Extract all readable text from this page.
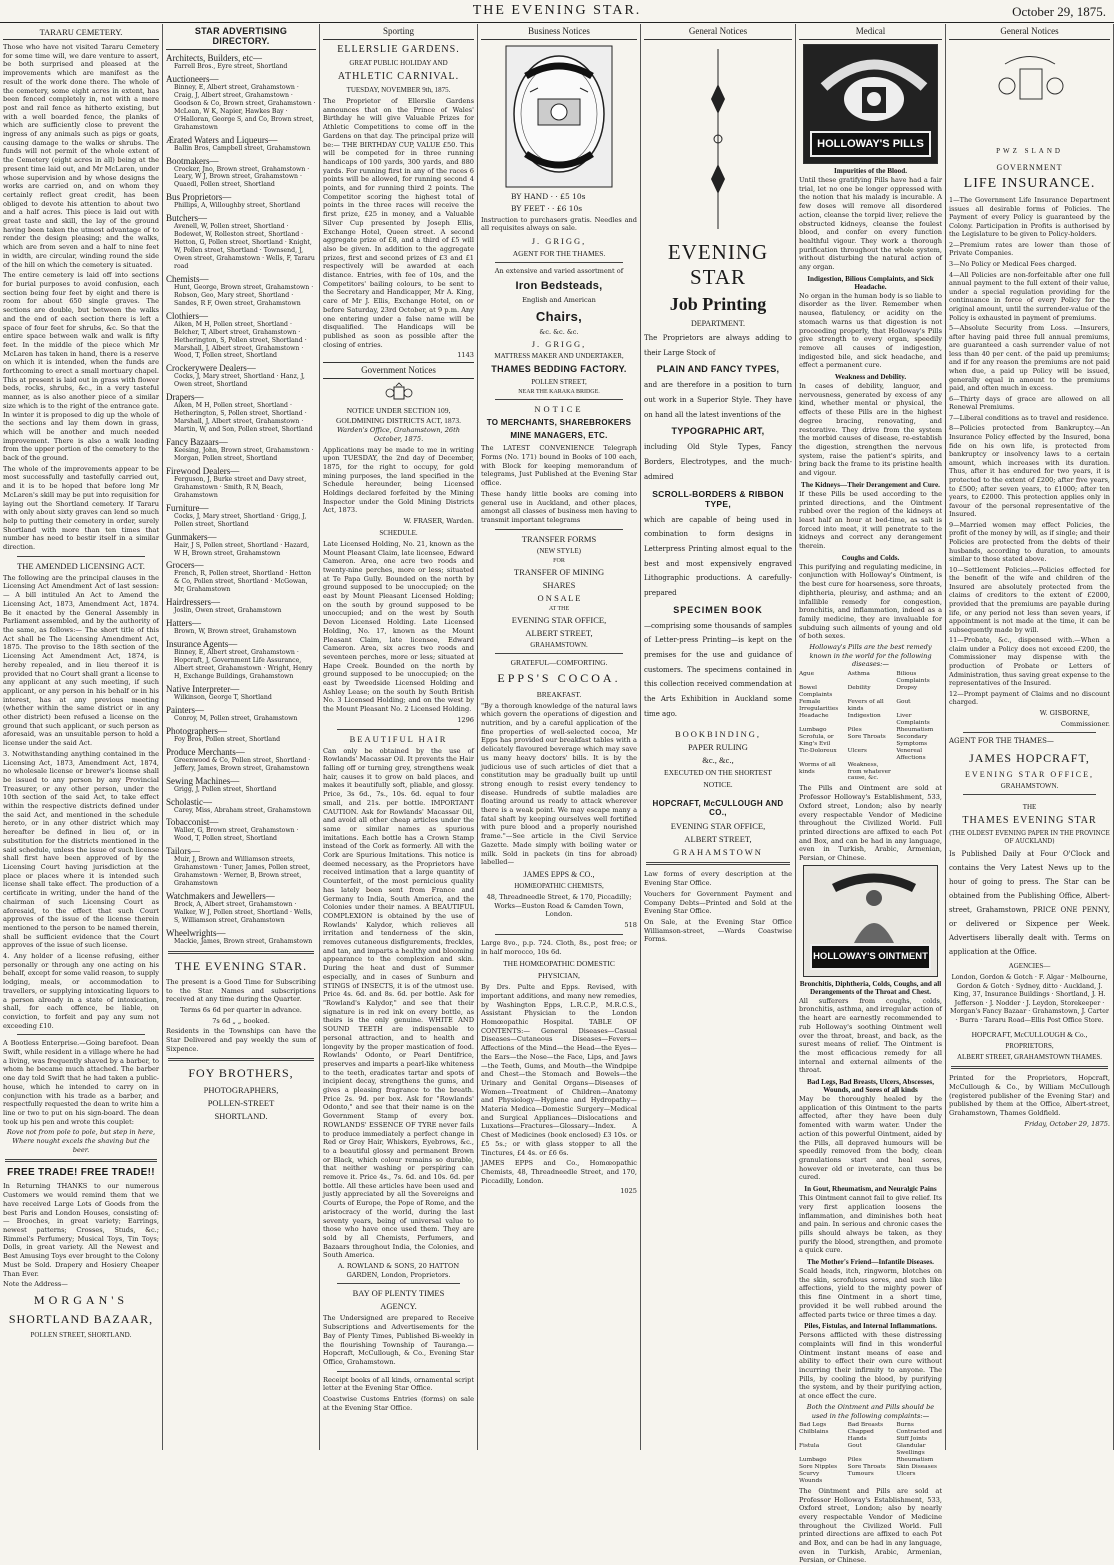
THE EVENING STAR.	October 29, 1875.
TARARU CEMETERY.

Those who have not visited Tararu Cemetery for some time will, we dare venture to assert, be both surprised and pleased at the improvements which are manifest as the result of the work done there. The whole of the cemetery, some eight acres in extent, has been fenced completely in, not with a mere post and rail fence as hitherto existing, but with a well boarded fence, the planks of which are sufficiently close to prevent the ingress of any animals such as pigs or goats, causing damage to the walks or shrubs. The funds will not permit of the whole extent of the Cemetery (eight acres in all) being at the present time laid out, and Mr McLaren, under whose supervision and by whose designs the works are carried on, and on whom they certainly reflect great credit, has been obliged to devote his attention to about two and a half acres. This piece is laid out with great taste and skill, the lay of the ground having been taken the utmost advantage of to render the design pleasing; and the walks, which are from seven and a half to nine feet in width, are circular, winding round the side of the hill on which the cemetery is situated.

The entire cemetery is laid off into sections for burial purposes to avoid confusion, each section being four feet by eight and there is room for about 650 single graves. The sections are double, but between the walks and the end of each section there is left a space of four feet for shrubs, &c. So that the entire space between walk and walk is fifty feet. In the middle of the piece which Mr McLaren has taken in hand, there is a reserve on which it is intended, when the funds are forthcoming to erect a small mortuary chapel. This at present is laid out in grass with flower beds, rocks, shrubs, &c., in a very tasteful manner, as is also another piece of a similar size which is to the right of the entrance gate. In winter it is proposed to dig up the whole of the sections and lay them down in grass, which will be another and much needed improvement. There is also a walk leading from the upper portion of the cemetery to the back of the ground.

The whole of the improvements appear to be most successfully and tastefully carried out, and it is to be hoped that before long Mr McLaren's skill may be put into requisition for laying out the Shortland cemetery. If Tararu with only about sixty graves can lend so much help to putting their cemetery in order, surely Shortland with more than ten times that number has need to bestir itself in a similar direction.

THE AMENDED LICENSING ACT.

The following are the principal clauses in the Licensing Act Amendment Act of last session:— A bill intituled An Act to Amend the Licensing Act, 1873, Amendment Act, 1874. Be it enacted by the General Assembly in Parliament assembled, and by the authority of the same, as follows:— The short title of this Act shall be The Licensing Amendment Act, 1875. The proviso to the 18th section of the Licensing Act Amendment Act, 1874, is hereby repealed, and in lieu thereof it is provided that no Court shall grant a license to any applicant at any such meeting, if such applicant, or any person in his behalf or in his interest, has at any previous meeting (whether within the same district or in any other district) been refused a license on the ground that such applicant, or such person as aforesaid, was an unsuitable person to hold a license under the said Act.

3. Notwithstanding anything contained in the Licensing Act, 1873, Amendment Act, 1874, no wholesale license or brewer's license shall be issued to any person by any Provincial Treasurer, or any other person, under the 10th section of the said Act, to take effect within the respective districts defined under the said Act, and mentioned in the schedule hereto, or in any other district which may hereafter be defined in lieu of, or in substitution for the districts mentioned in the said schedule, unless the issue of such license shall first have been approved of by the Licensing Court having jurisdiction at the place or places where it is intended such license shall take effect. The production of a certificate in writing, under the hand of the chairman of such Licensing Court as aforesaid, to the effect that such Court approves of the issue of the license therein mentioned to the person to be named therein, shall be sufficient evidence that the Court approves of the issue of such license.

4. Any holder of a license refusing, either personally or through any one acting on his behalf, except for some valid reason, to supply lodging, meals, or accommodation to travellers, or supplying intoxicating liquors to a person already in a state of intoxication, shall, for each offence, be liable, on conviction, to forfeit and pay any sum not exceeding £10.

A Bootless Enterprise.—Going barefoot. Dean Swift, while resident in a village where he had a living, was frequently shaved by a barber, to whom he became much attached. The barber one day told Swift that he had taken a public-house, which he intended to carry on in conjunction with his trade as a barber, and respectfully requested the dean to write him a line or two to put on his sign-board. The dean took up his pen and wrote this couplet:

Rove not from pole to pole, but step in here, Where nought excels the shaving but the beer.

FREE TRADE! FREE TRADE!!

In Returning THANKS to our numerous Customers we would remind them that we have received Large Lots of Goods from the best Paris and London Houses, consisting of:— Brooches, in great variety; Earrings, newest patterns; Crosses, Studs, &c.; Rimmel's Perfumery; Musical Toys, Tin Toys; Dolls, in great variety. All the Newest and Best Amusing Toys ever brought to the Colony Must be Sold. Drapery and Hosiery Cheaper Than Ever.

Note the Address—

MORGAN'S
SHORTLAND BAZAAR,
POLLEN STREET, SHORTLAND.
STAR ADVERTISING DIRECTORY.
Architects, Builders, etc—
Farrell Bros., Eyre street, Shortland
Auctioneers—
Binney, E, Albert street, Grahamstown · Craig, J, Albert street, Grahamstown · Goodson & Co, Brown street, Grahamstown · McLean, W K, Napier, Hawkes Bay · O'Halloran, George S, and Co, Brown street, Grahamstown
Ærated Waters and Liqueurs—
Ballin Bros, Campbell street, Grahamstown
Bootmakers—
Crocker, Jno, Brown street, Grahamstown · Leary, W J, Brown street, Grahamstown · Quaedl, Pollen street, Shortland
Bus Proprietors—
Phillips, A, Willoughby street, Shortland
Butchers—
Avenell, W, Pollen street, Shortland · Bodewet, W, Rolleston street, Shortland · Hetton, G, Pollen street, Shortland · Knight, W, Pollen street, Shortland · Townsend, J, Owen street, Grahamstown · Wells, F, Tararu road
Chemists—
Hunt, George, Brown street, Grahamstown · Robson, Geo, Mary street, Shortland · Sandes, R F, Owen street, Grahamstown
Clothiers—
Aiken, M H, Pollen street, Shortland · Belcher, T, Albert street, Grahamstown · Hetherington, S, Pollen street, Shortland · Marshall, J, Albert street, Grahamstown · Wood, T, Pollen street, Shortland
Crockerywere Dealers—
Cocks, J, Mary street, Shortland · Hanz, J, Owen street, Shortland
Drapers—
Aiken, M H, Pollen street, Shortland · Hetherington, S, Pollen street, Shortland · Marshall, J, Albert street, Grahamstown · Martin, W, and Son, Pollen street, Shortland
Fancy Bazaars—
Keesing, John, Brown street, Grahamstown · Morgan, Pollen street, Shortland
Firewood Dealers—
Ferguson, J, Burke street and Davy street, Grahamstown · Smith, R N, Beach, Grahamstown
Furniture—
Cocks, J, Mary street, Shortland · Grigg, J, Pollen street, Shortland
Gunmakers—
Hair, J S, Pollen street, Shortland · Hazard, W H, Brown street, Grahamstown
Grocers—
French, R, Pollen street, Shortland · Hetton & Co, Pollen street, Shortland · McGowan, Mr, Grahamstown
Hairdressers—
Joslin, Owen street, Grahamstown
Hatters—
Brown, W, Brown street, Grahamstown
Insurance Agents—
Binney, E, Albert street, Grahamstown · Hopcraft, J, Government Life Assurance, Albert street, Grahamstown · Wright, Henry H, Exchange Buildings, Grahamstown
Native Interpreter—
Wilkinson, George T, Shortland
Painters—
Conroy, M, Pollen street, Grahamstown
Photographers—
Foy Bros, Pollen street, Shortland
Produce Merchants—
Greenwood & Co, Pollen street, Shortland · Jeffery, James, Brown street, Grahamstown
Sewing Machines—
Grigg, J, Pollen street, Shortland
Scholastic—
Carey, Miss, Abraham street, Grahamstown
Tobacconist—
Waller, G, Brown street, Grahamstown · Wood, T, Pollen street, Shortland
Tailors—
Muir, J, Brown and Williamson streets, Grahamstown · Tuner, James, Pollen street, Grahamstown · Werner, B, Brown street, Grahamstown
Watchmakers and Jewellers—
Brock, A, Albert street, Grahamstown · Walker, W J, Pollen street, Shortland · Wells, S, Williamson street, Grahamstown
Wheelwrights—
Mackie, James, Brown street, Grahamstown
THE EVENING STAR.

The present is a Good Time for Subscribing to the Star. Names and subscriptions received at any time during the Quarter.

Terms 6s 6d per quarter in advance.

7s 6d „ „ booked.

Residents in the Townships can have the Star Delivered and pay weekly the sum of Sixpence.

FOY BROTHERS,
PHOTOGRAPHERS,
POLLEN-STREET
SHORTLAND.
Sporting
ELLERSLIE GARDENS.
GREAT PUBLIC HOLIDAY AND
ATHLETIC CARNIVAL.
TUESDAY, NOVEMBER 9th, 1875.

The Proprietor of Ellerslie Gardens announces that on the Prince of Wales' Birthday he will give Valuable Prizes for Athletic Competitions to come off in the Gardens on that day. The principal prize will be:— THE BIRTHDAY CUP, VALUE £50. This will be competed for in three running handicaps of 100 yards, 300 yards, and 880 yards. For running first in any of the races 6 points will be allowed, for running second 4 points, and for running third 2 points. The Competitor scoring the highest total of points in the three races will receive the first prize, £25 in money, and a Valuable Silver Cup presented by Joseph Ellis, Exchange Hotel, Queen street. A second aggregate prize of £8, and a third of £5 will also be given. In addition to the aggregate prizes, first and second prizes of £3 and £1 respectively will be awarded at each distance. Entries, with fee of 10s, and the Competitors' bailing colours, to be sent to the Secretary and Handicapper, Mr A. King, care of Mr J. Ellis, Exchange Hotel, on or before Saturday, 23rd October, at 9 p.m. Any one entering under a false name will be disqualified. The Handicaps will be published as soon as possible after the closing of entries.

1143

Government Notices
NOTICE UNDER SECTION 109,
GOLDMINING DISTRICTS ACT, 1873.

Warden's Office, Grahamstown, 26th October, 1875.

Applications may be made to me in writing upon TUESDAY, the 2nd day of December, 1875, for the right to occupy, for gold mining purposes, the land specified in the Schedule hereunder, being Licensed Holdings declared forfeited by the Mining Inspector under the Gold Mining Districts Act, 1873.

W. FRASER, Warden.

SCHEDULE.

Late Licensed Holding, No. 21, known as the Mount Pleasant Claim, late licensee, Edward Cameron. Area, one acre two roods and twenty-nine perches, more or less; situated at Te Papa Gully. Bounded on the north by ground supposed to be unoccupied; on the east by Mount Pleasant Licensed Holding; on the south by ground supposed to be unoccupied; and on the west by South Devon Licensed Holding. Late Licensed Holding, No. 17, known as the Mount Pleasant Claim, late licensee, Edward Cameron. Area, six acres two roods and seventeen perches, more or less; situated at Hape Creek. Bounded on the north by ground supposed to be unoccupied; on the east by Tweedside Licensed Holding and Ashley Lease; on the south by South British No. 3 Licensed Holding; and on the west by the Mount Pleasant No. 2 Licensed Holding.

1296

BEAUTIFUL HAIR

Can only be obtained by the use of Rowlands' Macassar Oil. It prevents the Hair falling off or turning grey, strengthens weak hair, causes it to grow on bald places, and makes it beautifully soft, pliable, and glossy. Price, 3s 6d., 7s., 10s. 6d. equal to four small, and 21s. per bottle. IMPORTANT CAUTION. Ask for Rowlands' Macassar Oil, and avoid all other cheap articles under the same or similar names as spurious imitations. Each bottle has a Crown Stamp instead of the Cork as formerly. All with the Cork are Spurious Imitations. This notice is deemed necessary, as the Proprietors have received intimation that a large quantity of Counterfeit, of the most pernicious quality has lately been sent from France and Germany to India, South America, and the Colonies under their names. A BEAUTIFUL COMPLEXION is obtained by the use of Rowlands' Kalydor, which relieves all irritation and tenderness of the skin, removes cutaneous disfigurements, freckles, and tan, and imparts a healthy and blooming appearance to the complexion and skin. During the heat and dust of Summer especially, and in cases of Sunburn and STINGS of INSECTS, it is of the utmost use. Price 4s. 6d. and 8s. 6d. per bottle. Ask for "Rowland's Kalydor," and see that their signature is in red ink on every bottle, as theirs is the only genuine. WHITE AND SOUND TEETH are indispensable to personal attraction, and to health and longevity by the proper mastication of food. Rowlands' Odonto, or Pearl Dentifrice, preserves and imparts a pearl-like whiteness to the teeth, eradicates tartar and spots of incipient decay, strengthens the gums, and gives a pleasing fragrance to the breath. Price 2s. 9d. per box. Ask for "Rowlands' Odonto," and see that their name is on the Government Stamp of every box. ROWLANDS' ESSENCE OF TYRE never fails to produce immediately a perfect change in Red or Grey Hair, Whiskers, Eyebrows, &c., to a beautiful glossy and permanent Brown or Black, which colour remains so durable, that neither washing or perspiring can remove it. Price 4s., 7s. 6d. and 10s. 6d. per bottle. All these articles have been used and justly appreciated by all the Sovereigns and Courts of Europe, the Pope of Rome, and the aristocracy of the world, during the last seventy years, being of universal value to those who have once used them. They are sold by all Chemists, Perfumers, and Bazaars throughout India, the Colonies, and South America.

A. ROWLAND & SONS, 20 HATTON GARDEN, London, Proprietors.

BAY OF PLENTY TIMES
AGENCY.

The Undersigned are prepared to Receive Subscriptions and Advertisements for the Bay of Plenty Times, Published Bi-weekly in the flourishing Township of Tauranga.—Hopcraft, McCullough, & Co., Evening Star Office, Grahamstown.

Receipt books of all kinds, ornamental script letter at the Evening Star Office.

Coastwise Customs Entries (forms) on sale at the Evening Star Office.

Business Notices

BY HAND · · £5 10s

BY FEET · · £6 10s

Instruction to purchasers gratis. Needles and all requisites always on sale.

J. GRIGG,
AGENT FOR THE THAMES.

An extensive and varied assortment of

Iron Bedsteads,

English and American

Chairs,

&c. &c. &c.

J. GRIGG,
MATTRESS MAKER AND UNDERTAKER,
THAMES BEDDING FACTORY.
POLLEN STREET,
NEAR THE KARAKA BRIDGE.
NOTICE
TO MERCHANTS, SHAREBROKERS
MINE MANAGERS, ETC.

The LATEST CONVENIENCE Telegraph Forms (No. 171) bound in Books of 100 each, with Block for keeping memorandum of telegrams, Just Published at the Evening Star office.

These handy little books are coming into general use in Auckland, and other places, amongst all classes of business men having to transmit important telegrams

TRANSFER FORMS
(NEW STYLE)
FOR
TRANSFER OF MINING
SHARES
O N S A L E
AT THE
EVENING STAR OFFICE,
ALBERT STREET,
GRAHAMSTOWN.
GRATEFUL—COMFORTING.
EPPS'S COCOA.
BREAKFAST.

"By a thorough knowledge of the natural laws which govern the operations of digestion and nutrition, and by a careful application of the fine properties of well-selected cocoa, Mr Epps has provided our breakfast tables with a delicately flavoured beverage which may save us many heavy doctors' bills. It is by the judicious use of such articles of diet that a constitution may be gradually built up until strong enough to resist every tendency to disease. Hundreds of subtle maladies are floating around us ready to attack wherever there is a weak point. We may escape many a fatal shaft by keeping ourselves well fortified with pure blood and a properly nourished frame."—See article in the Civil Service Gazette. Made simply with boiling water or milk. Sold in packets (in tins for abroad) labelled—

JAMES EPPS & CO.,
HOMŒOPATHIC CHEMISTS,

48, Threadneedle Street, & 170, Piccadilly; Works—Euston Road & Camden Town, London.

518

Large 8vo., p.p. 724. Cloth, 8s., post free; or in half morocco, 10s 6d.

THE HOMŒOPATHIC DOMESTIC
PHYSICIAN,

By Drs. Pulte and Epps. Revised, with important additions, and many new remedies, by Washington Epps, L.R.C.P., M.R.C.S., Assistant Physician to the London Homœopathic Hospital. TABLE OF CONTENTS:— General Diseases—Casual Diseases—Cutaneous Diseases—Fevers—Affections of the Mind—the Head—the Eyes—the Ears—the Nose—the Face, Lips, and Jaws—the Teeth, Gums, and Mouth—the Windpipe and Chest—the Stomach and Bowels—the Urinary and Genital Organs—Diseases of Women—Treatment of Children—Anatomy and Physiology—Hygiene and Hydropathy—Materia Medica—Domestic Surgery—Medical and Surgical Appliances—Dislocations and Luxations—Fractures—Glossary—Index. A Chest of Medicines (book enclosed) £3 10s. or £5 5s.; or with glass stopper to all the Tinctures, £4 4s. or £6 6s.

JAMES EPPS and Co., Homœopathic Chemists, 48, Threadneedle Street, and 170, Piccadilly, London.

1025

General Notices
EVENING STAR
Job Printing
DEPARTMENT.

The Proprietors are always adding to their Large Stock of

PLAIN AND FANCY TYPES,

and are therefore in a position to turn out work in a Superior Style. They have on hand all the latest inventions of the

TYPOGRAPHIC ART,

including Old Style Types, Fancy Borders, Electrotypes, and the much-admired

SCROLL-BORDERS & RIBBON TYPE,

which are capable of being used in combination to form designs in Letterpress Printing almost equal to the best and most expensively engraved Lithographic productions. A carefully-prepared

SPECIMEN BOOK

—comprising some thousands of samples of Letter-press Printing—is kept on the premises for the use and guidance of customers. The specimens contained in this collection received commendation at the Arts Exhibition in Auckland some time ago.

BOOKBINDING,
PAPER RULING
&c., &c.,
EXECUTED ON THE SHORTEST
NOTICE.
HOPCRAFT, McCULLOUGH AND CO.,
EVENING STAR OFFICE,
ALBERT STREET,
GRAHAMSTOWN

Law forms of every description at the Evening Star Office.

Vouchers for Government Payment and Company Debts—Printed and Sold at the Evening Star Office.

On Sale, at the Evening Star Office Williamson-street, —Wards Coastwise Forms.

Medical
HOLLOWAY'S PILLS
Impurities of the Blood.

Until these gratifying Pills have had a fair trial, let no one be longer oppressed with the notion that his malady is incurable. A few doses will remove all disordered action, cleanse the torpid liver, relieve the obstructed kidneys, cleanse the foulest blood, and confer on every function healthful vigour. They work a thorough purification throughout the whole system, without disturbing the natural action of any organ.

Indigestion, Bilious Complaints, and Sick Headache.

No organ in the human body is so liable to disorder as the liver. Remember when nausea, flatulency, or acidity on the stomach warns us that digestion is not proceeding properly, that Holloway's Pills give strength to every organ, speedily remove all causes of indigestion, indigested bile, and sick headache, and effect a permanent cure.

Weakness and Debility.

In cases of debility, languor, and nervousness, generated by excess of any kind, whether mental or physical, the effects of these Pills are in the highest degree bracing, renovating, and restorative. They drive from the system the morbid causes of disease, re-establish the digestion, strengthen the nervous system, raise the patient's spirits, and bring back the frame to its pristine health and vigour.

The Kidneys—Their Derangement and Cure.

If these Pills be used according to the printed directions, and the Ointment rubbed over the region of the kidneys at least half an hour at bed-time, as salt is forced into meat, it will penetrate to the kidneys and correct any derangement therein.

Coughs and Colds.

This purifying and regulating medicine, in conjunction with Holloway's Ointment, is the best cure for hoarseness, sore throats, diphtheria, pleurisy, and asthma; and an infallible remedy for congestion, bronchitis, and inflammation, indeed as a family medicine, they are invaluable for subduing such ailments of young and old of both sexes.

Holloway's Pills are the best remedy known in the world for the following diseases:—

Ague	Asthma	Bilious Complaints
Bowel Complaints
Debility	Dropsy
Female Irregularities
Fevers of all kinds
Gout
Headache	Indigestion	Liver Complaints
Lumbago	Piles	Rheumatism
Scrofula, or King's Evil
Sore Throats	Secondary Symptoms
Tic-Doloreux	Ulcers	Venereal Affections
Worms of all kinds
Weakness, from whatever cause, &c.

The Pills and Ointment are sold at Professor Holloway's Establishment, 533, Oxford street, London; also by nearly every respectable Vendor of Medicine throughout the Civilized World. Full printed directions are affixed to each Pot and Box, and can be had in any language, even in Turkish, Arabic, Armenian, Persian, or Chinese.

HOLLOWAY'S OINTMENT
Bronchitis, Diphtheria, Colds, Coughs, and all Derangements of the Throat and Chest.

All sufferers from coughs, colds, bronchitis, asthma, and irregular action of the heart are earnestly recommended to rub Holloway's soothing Ointment well over the throat, breast, and back, as the surest means of relief. The Ointment is the most efficacious remedy for all internal and external ailments of the throat.

Bad Legs, Bad Breasts, Ulcers, Abscesses, Wounds, and Sores of all kinds

May be thoroughly healed by the application of this Ointment to the parts affected, after they have been duly fomented with warm water. Under the action of this powerful Ointment, aided by the Pills, all depraved humours will be speedily removed from the body, clean granulations start and heal sores, however old or inveterate, can thus be cured.

In Gout, Rheumatism, and Neuralgic Pains

This Ointment cannot fail to give relief. Its very first application loosens the inflammation, and diminishes both heat and pain. In serious and chronic cases the pills should always be taken, as they purify the blood, strengthen, and promote a quick cure.

The Mother's Friend—Infantile Diseases.

Scald heads, itch, ringworm, blotches on the skin, scrofulous sores, and such like affections, yield to the mighty power of this fine Ointment in a short time, provided it be well rubbed around the affected parts twice or three times a day.

Piles, Fistulas, and Internal Inflammations.

Persons afflicted with these distressing complaints will find in this wonderful Ointment instant means of ease and ability to effect their own cure without incurring their infirmity to anyone. The Pills, by cooling the blood, by purifying the system, and by their purifying action, at once effect the cure.

Both the Ointment and Pills should be used in the following complaints:—

Bad Legs	Bad Breasts	Burns
Chilblains	Chapped Hands
Contracted and Stiff Joints
Fistula	Gout	Glandular Swellings
Lumbago	Piles	Rheumatism
Sore Nipples	Sore Throats	Skin Diseases
Scurvy	Tumours	Ulcers
Wounds

The Ointment and Pills are sold at Professor Holloway's Establishment, 533, Oxford street, London; also by nearly every respectable Vendor of Medicine throughout the Civilized World. Full printed directions are affixed to each Pot and Box, and can be had in any language, even in Turkish, Arabic, Armenian, Persian, or Chinese.

General Notices
PWZ SLAND
GOVERNMENT
LIFE INSURANCE.

1—The Government Life Insurance Department issues all desirable forms of Policies. The Payment of every Policy is guaranteed by the Colony. Participation in Profits is authorised by the Legislature to be given to Policy-holders.

2—Premium rates are lower than those of Private Companies.

3—No Policy or Medical Fees charged.

4—All Policies are non-forfeitable after one full annual payment to the full extent of their value, under a special regulation providing for the continuance in force of every Policy for the original amount, until the surrender-value of the Policy is exhausted in payment of premiums.

5—Absolute Security from Loss. —Insurers, after having paid three full annual premiums, are guaranteed a cash surrender value of not less than 40 per cent. of the paid up premiums; and if for any reason the premiums are not paid when due, a paid up Policy will be issued, generally equal in amount to the premiums paid, and often much in excess.

6—Thirty days of grace are allowed on all Renewal Premiums.

7—Liberal conditions as to travel and residence.

8—Policies protected from Bankruptcy.—An Insurance Policy effected by the Insured, bona fide on his own life, is protected from bankruptcy or insolvency laws to a certain amount, which increases with its duration. Thus, after it has endured for two years, it is protected to the extent of £200; after five years, to £500; after seven years, to £1000; after ten years, to £2000. This protection applies only in favour of the personal representative of the Insured.

9—Married women may effect Policies, the profit of the money by will, as if single; and their Policies are protected from the debts of their husbands, according to duration, to amounts similar to those stated above.

10—Settlement Policies.—Policies effected for the benefit of the wife and children of the Insured are absolutely protected from the claims of creditors to the extent of £2000, provided that the premiums are payable during life, or any period not less than seven years, if appointment is not made at the time, it can be subsequently made by will.

11—Probate, &c., dispensed with.—When a claim under a Policy does not exceed £200, the Commissioner may dispense with the production of Probate or Letters of Administration, thus saving great expense to the representatives of the Insured.

12—Prompt payment of Claims and no discount charged.

W. GISBORNE,

Commissioner.

AGENT FOR THE THAMES—

JAMES HOPCRAFT,
EVENING STAR OFFICE,
GRAHAMSTOWN.
THE
THAMES EVENING STAR

(THE OLDEST EVENING PAPER IN THE PROVINCE OF AUCKLAND)

Is Published Daily at Four O'Clock and contains the Very Latest News up to the hour of going to press. The Star can be obtained from the Publishing Office, Albert-street, Grahamstown, PRICE ONE PENNY, or delivered or Sixpence per Week. Advertisers liberally dealt with. Terms on application at the Office.

AGENCIES—

London, Gordon & Gotch · F. Algar · Melbourne, Gordon & Gotch · Sydney, ditto · Auckland, J. King, 37, Insurance Buildings · Shortland, J. H. Jefferson · J. Nodder · J. Leydon, Storekeeper · Morgan's Fancy Bazaar · Grahamstown, J. Carter · Burra · Tararu Road—Ellis Post Office Store.

HOPCRAFT, McCULLOUGH & Co.,
PROPRIETORS,
ALBERT STREET, GRAHAMSTOWN THAMES.

Printed for the Proprietors, Hopcraft, McCullough & Co., by William McCullough (registered publisher of the Evening Star) and published by them at the Office, Albert-street, Grahamstown, Thames Goldfield.

Friday, October 29, 1875.
